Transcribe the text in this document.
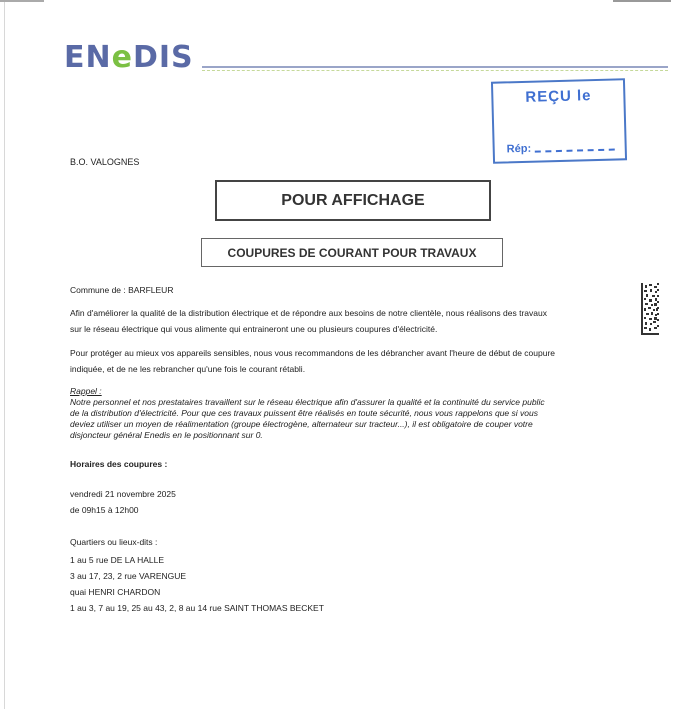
ENeDIS
REÇU le
Rép:
B.O. VALOGNES
POUR AFFICHAGE
COUPURES DE COURANT POUR TRAVAUX
Commune de : BARFLEUR
Afin d'améliorer la qualité de la distribution électrique et de répondre aux besoins de notre clientèle, nous réalisons des travaux
sur le réseau électrique qui vous alimente qui entraineront une ou plusieurs coupures d'électricité.
Pour protéger au mieux vos appareils sensibles, nous vous recommandons de les débrancher avant l'heure de début de coupure
indiquée, et de ne les rebrancher qu'une fois le courant rétabli.
Rappel :
Notre personnel et nos prestataires travaillent sur le réseau électrique afin d'assurer la qualité et la continuité du service public
de la distribution d'électricité. Pour que ces travaux puissent être réalisés en toute sécurité, nous vous rappelons que si vous
deviez utiliser un moyen de réalimentation (groupe électrogène, alternateur sur tracteur...), il est obligatoire de couper votre
disjoncteur général Enedis en le positionnant sur 0.
Horaires des coupures :
vendredi 21 novembre 2025
de 09h15 à 12h00
Quartiers ou lieux-dits :
1 au 5 rue DE LA HALLE
3 au 17, 23, 2 rue VARENGUE
quai HENRI CHARDON
1 au 3, 7 au 19, 25 au 43, 2, 8 au 14 rue SAINT THOMAS BECKET
